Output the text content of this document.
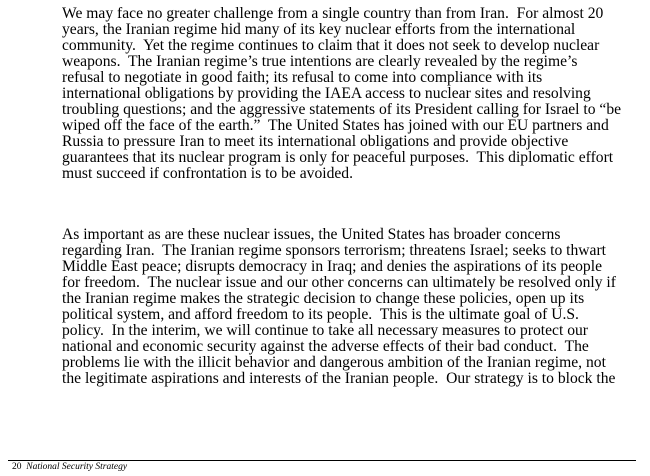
We may face no greater challenge from a single country than from Iran.  For almost 20
years, the Iranian regime hid many of its key nuclear efforts from the international
community.  Yet the regime continues to claim that it does not seek to develop nuclear
weapons.  The Iranian regime’s true intentions are clearly revealed by the regime’s
refusal to negotiate in good faith; its refusal to come into compliance with its
international obligations by providing the IAEA access to nuclear sites and resolving
troubling questions; and the aggressive statements of its President calling for Israel to “be
wiped off the face of the earth.”  The United States has joined with our EU partners and
Russia to pressure Iran to meet its international obligations and provide objective
guarantees that its nuclear program is only for peaceful purposes.  This diplomatic effort
must succeed if confrontation is to be avoided.

As important as are these nuclear issues, the United States has broader concerns
regarding Iran.  The Iranian regime sponsors terrorism; threatens Israel; seeks to thwart
Middle East peace; disrupts democracy in Iraq; and denies the aspirations of its people
for freedom.  The nuclear issue and our other concerns can ultimately be resolved only if
the Iranian regime makes the strategic decision to change these policies, open up its
political system, and afford freedom to its people.  This is the ultimate goal of U.S.
policy.  In the interim, we will continue to take all necessary measures to protect our
national and economic security against the adverse effects of their bad conduct.  The
problems lie with the illicit behavior and dangerous ambition of the Iranian regime, not
the legitimate aspirations and interests of the Iranian people.  Our strategy is to block the

20 National Security Strategy
